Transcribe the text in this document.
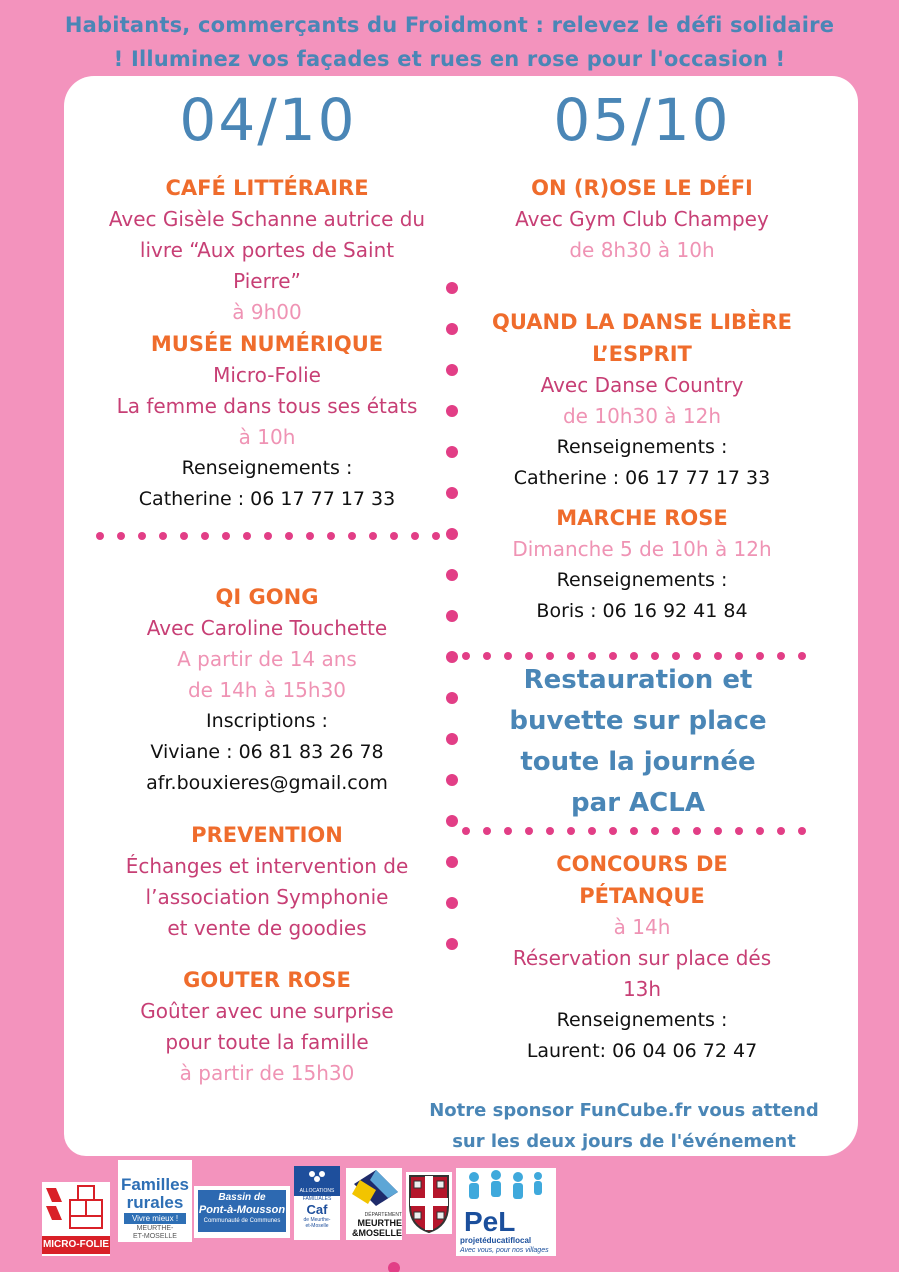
Habitants, commerçants du Froidmont : relevez le défi solidaire
! Illuminez vos façades et rues en rose pour l'occasion !
04/10	05/10
CAFÉ LITTÉRAIRE
Avec Gisèle Schanne autrice du
livre “Aux portes de Saint
Pierre”
à 9h00
MUSÉE NUMÉRIQUE
Micro-Folie
La femme dans tous ses états
à 10h
Renseignements :
Catherine : 06 17 77 17 33
QI GONG
Avec Caroline Touchette
A partir de 14 ans
de 14h à 15h30
Inscriptions :
Viviane : 06 81 83 26 78
afr.bouxieres@gmail.com
PREVENTION
Échanges et intervention de
l’association Symphonie
et vente de goodies
GOUTER ROSE
Goûter avec une surprise
pour toute la famille
à partir de 15h30
ON (R)OSE LE DÉFI
Avec Gym Club Champey
de 8h30 à 10h
QUAND LA DANSE LIBÈRE
L’ESPRIT
Avec Danse Country
de 10h30 à 12h
Renseignements :
Catherine : 06 17 77 17 33
MARCHE ROSE
Dimanche 5 de 10h à 12h
Renseignements :
Boris : 06 16 92 41 84
Restauration et
buvette sur place
toute la journée
par ACLA
CONCOURS DE
PÉTANQUE
à 14h
Réservation sur place dés
13h
Renseignements :
Laurent: 06 04 06 72 47
Notre sponsor FunCube.fr vous attend
sur les deux jours de l'événement
MICRO-FOLIE
Familles
rurales
Vivre mieux !
MEURTHE-
ET-MOSELLE
Bassin de
Pont-à-Mousson
Communauté de Communes
ALLOCATIONS
FAMILIALES
Caf
de Meurthe-
et-Moselle
DÉPARTEMENT
MEURTHE
&MOSELLE PeL
projetéducatiflocal
Avec vous, pour nos villages
